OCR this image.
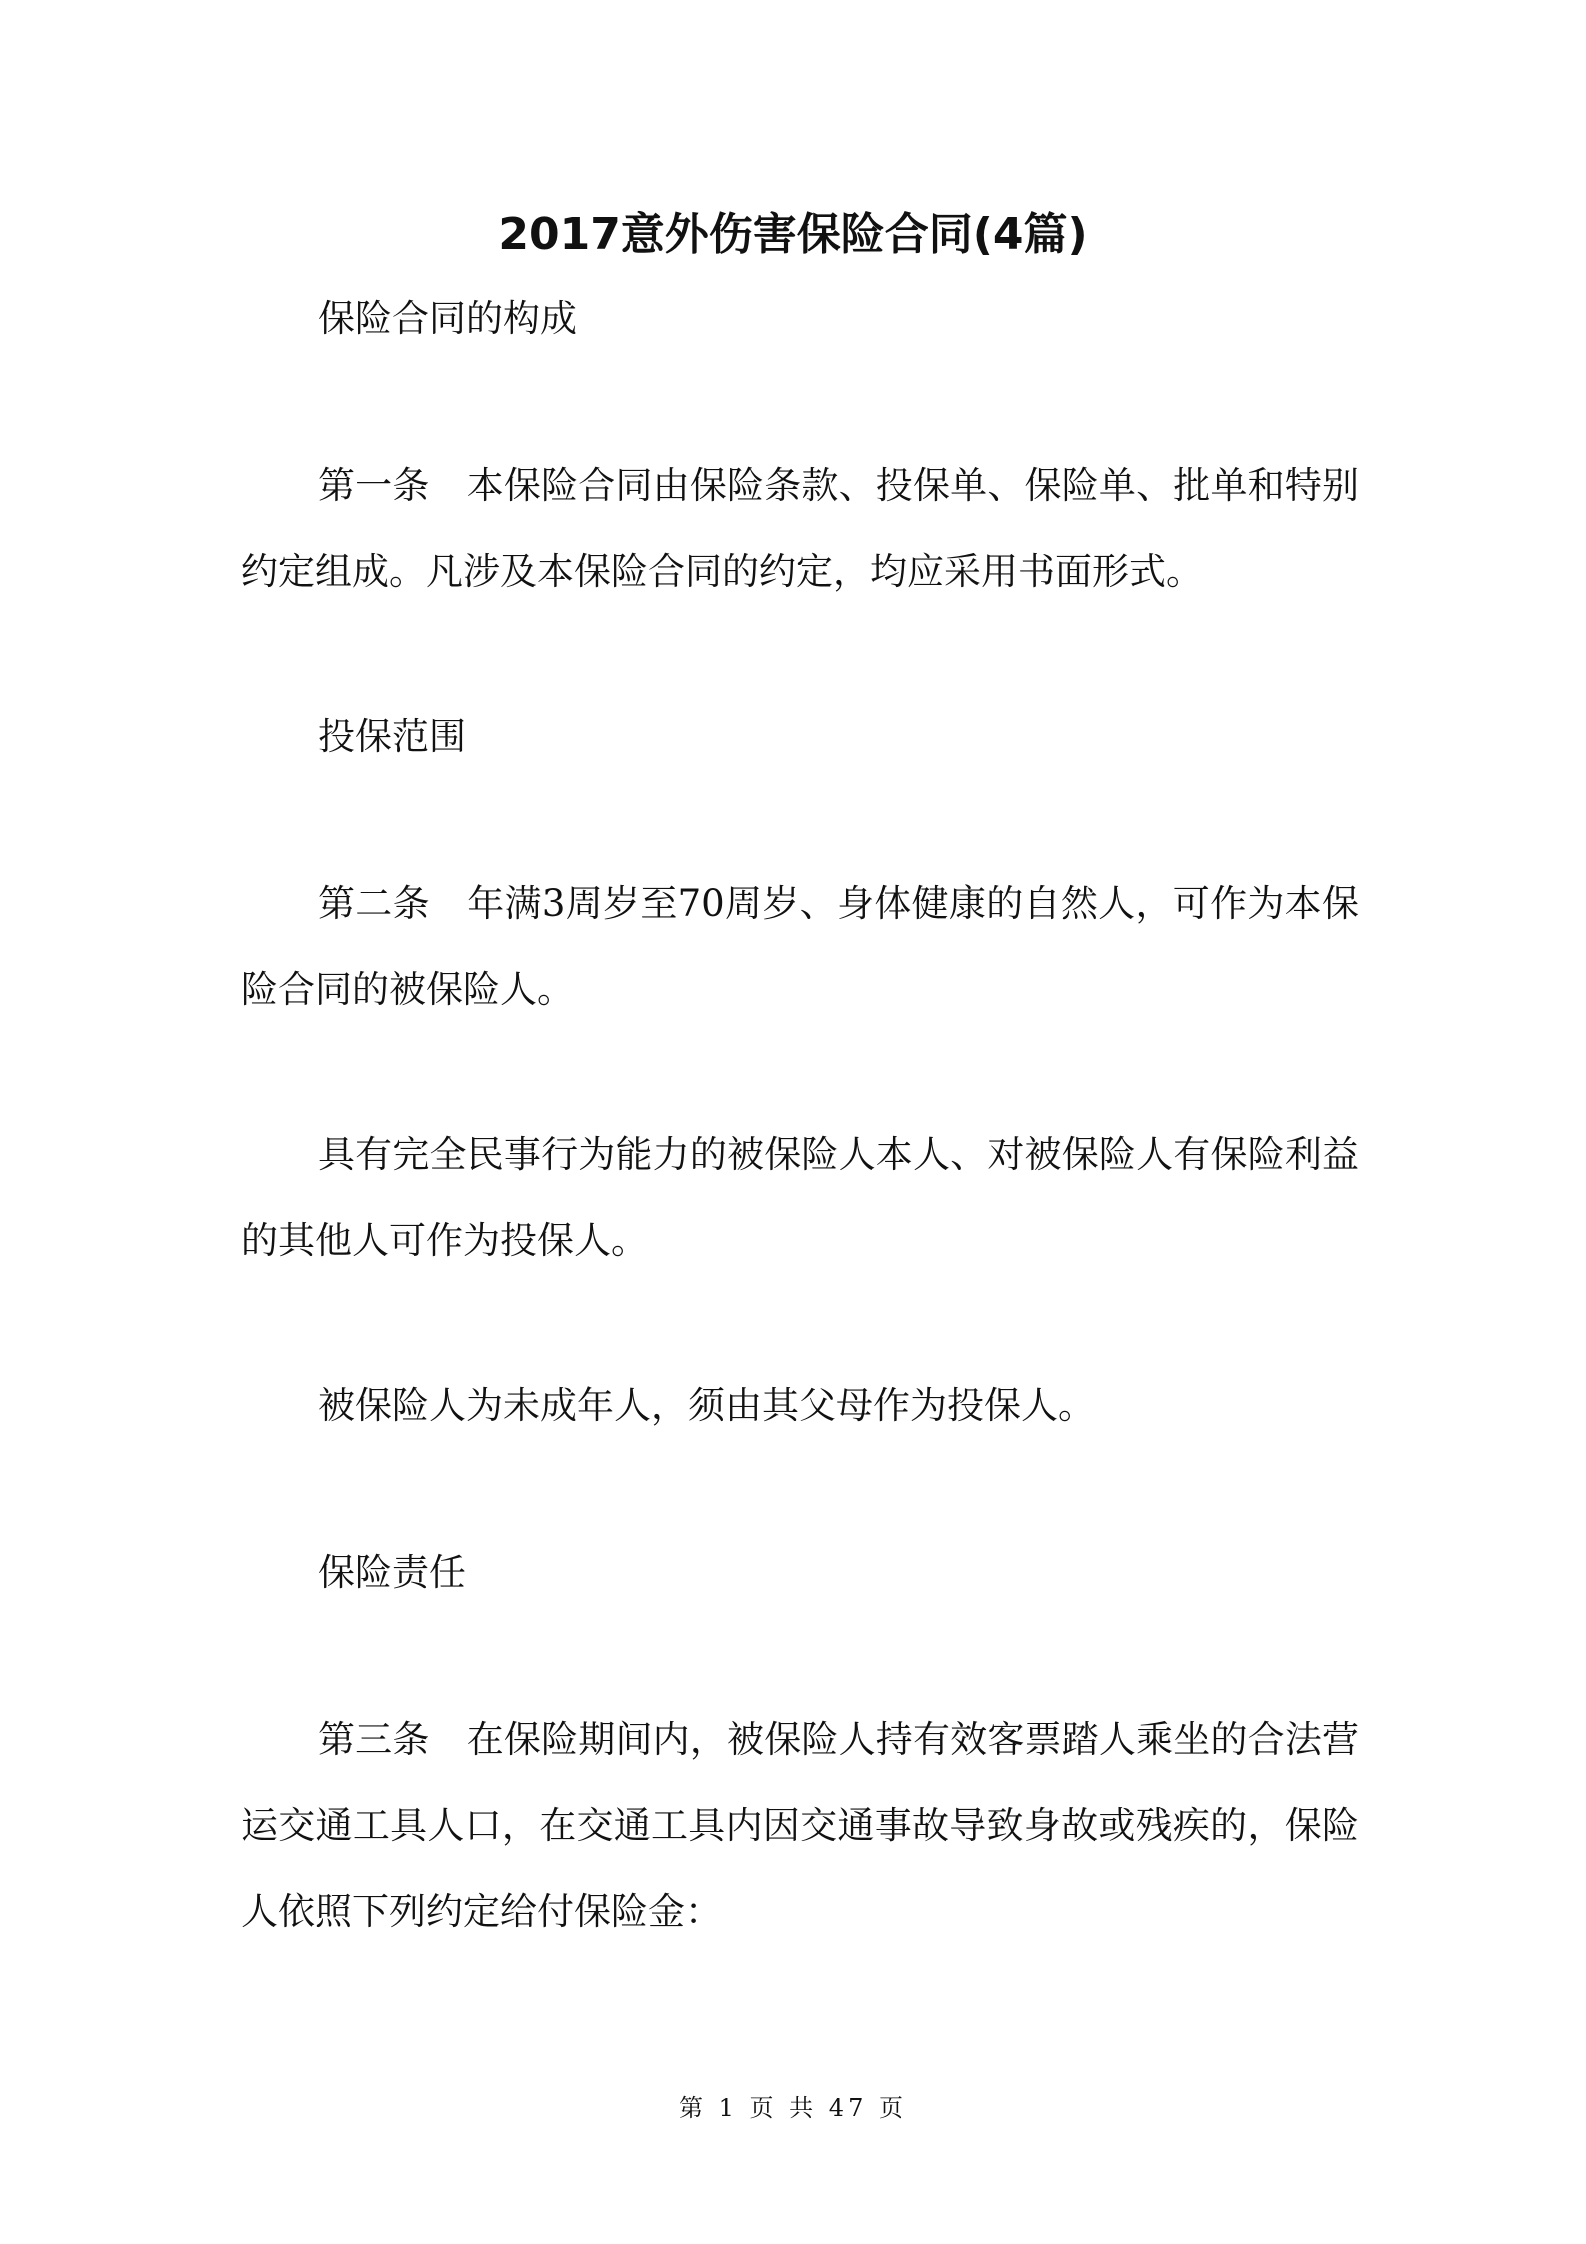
2017意外伤害保险合同(4篇)

保险合同的构成

第一条　本保险合同由保险条款、投保单、保险单、批单和特别约定组成。凡涉及本保险合同的约定，均应采用书面形式。

投保范围

第二条　年满3周岁至70周岁、身体健康的自然人，可作为本保险合同的被保险人。

具有完全民事行为能力的被保险人本人、对被保险人有保险利益的其他人可作为投保人。

被保险人为未成年人，须由其父母作为投保人。

保险责任

第三条　在保险期间内，被保险人持有效客票踏人乘坐的合法营运交通工具人口，在交通工具内因交通事故导致身故或残疾的，保险人依照下列约定给付保险金：

第 1 页 共 47 页
